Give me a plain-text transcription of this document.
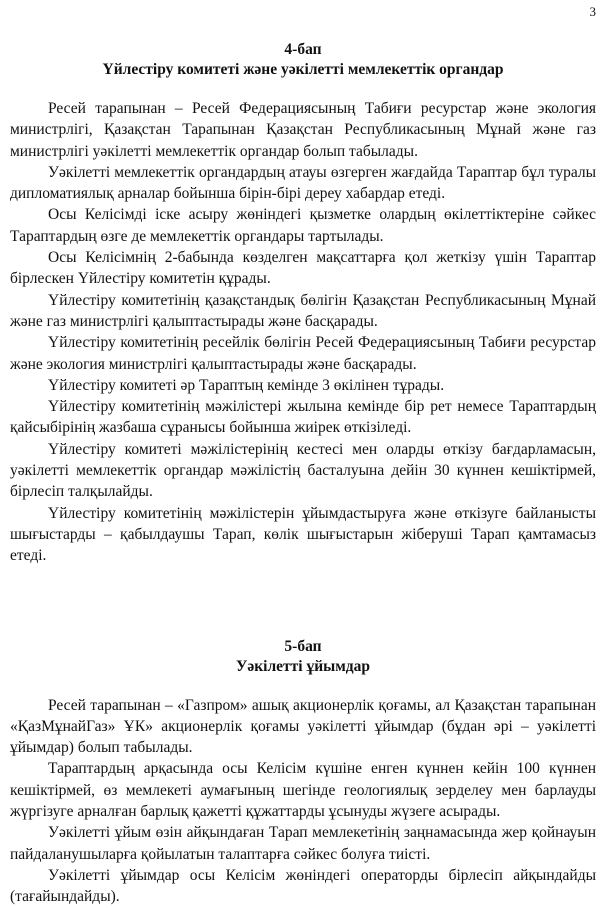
3
4-бап
Үйлестіру комитеті және уәкілетті мемлекеттік органдар

Ресей тарапынан – Ресей Федерациясының Табиғи ресурстар және экология министрлігі, Қазақстан Тарапынан Қазақстан Республикасының Мұнай және газ министрлігі уәкілетті мемлекеттік органдар болып табылады.

Уәкілетті мемлекеттік органдардың атауы өзгерген жағдайда Тараптар бұл туралы дипломатиялық арналар бойынша бірін-бірі дереу хабардар етеді.

Осы Келісімді іске асыру жөніндегі қызметке олардың өкілеттіктеріне сәйкес Тараптардың өзге де мемлекеттік органдары тартылады.

Осы Келісімнің 2-бабында көзделген мақсаттарға қол жеткізу үшін Тараптар бірлескен Үйлестіру комитетін құрады.

Үйлестіру комитетінің қазақстандық бөлігін Қазақстан Республикасының Мұнай және газ министрлігі қалыптастырады және басқарады.

Үйлестіру комитетінің ресейлік бөлігін Ресей Федерациясының Табиғи ресурстар және экология министрлігі қалыптастырады және басқарады.

Үйлестіру комитеті әр Тараптың кемінде 3 өкілінен тұрады.

Үйлестіру комитетінің мәжілістері жылына кемінде бір рет немесе Тараптардың қайсыбірінің жазбаша сұранысы бойынша жиірек өткізіледі.

Үйлестіру комитеті мәжілістерінің кестесі мен оларды өткізу бағдарламасын, уәкілетті мемлекеттік органдар мәжілістің басталуына дейін 30 күннен кешіктірмей, бірлесіп талқылайды.

Үйлестіру комитетінің мәжілістерін ұйымдастыруға және өткізуге байланысты шығыстарды – қабылдаушы Тарап, көлік шығыстарын жіберуші Тарап қамтамасыз етеді.

5-бап
Уәкілетті ұйымдар

Ресей тарапынан – «Газпром» ашық акционерлік қоғамы, ал Қазақстан тарапынан «ҚазМұнайГаз» ҰК» акционерлік қоғамы уәкілетті ұйымдар (бұдан әрі – уәкілетті ұйымдар) болып табылады.

Тараптардың арқасында осы Келісім күшіне енген күннен кейін 100 күннен кешіктірмей, өз мемлекеті аумағының шегінде геологиялық зерделеу мен барлауды жүргізуге арналған барлық қажетті құжаттарды ұсынуды жүзеге асырады.

Уәкілетті ұйым өзін айқындаған Тарап мемлекетінің заңнамасында жер қойнауын пайдаланушыларға қойылатын талаптарға сәйкес болуға тиісті.

Уәкілетті ұйымдар осы Келісім жөніндегі операторды бірлесіп айқындайды (тағайындайды).
